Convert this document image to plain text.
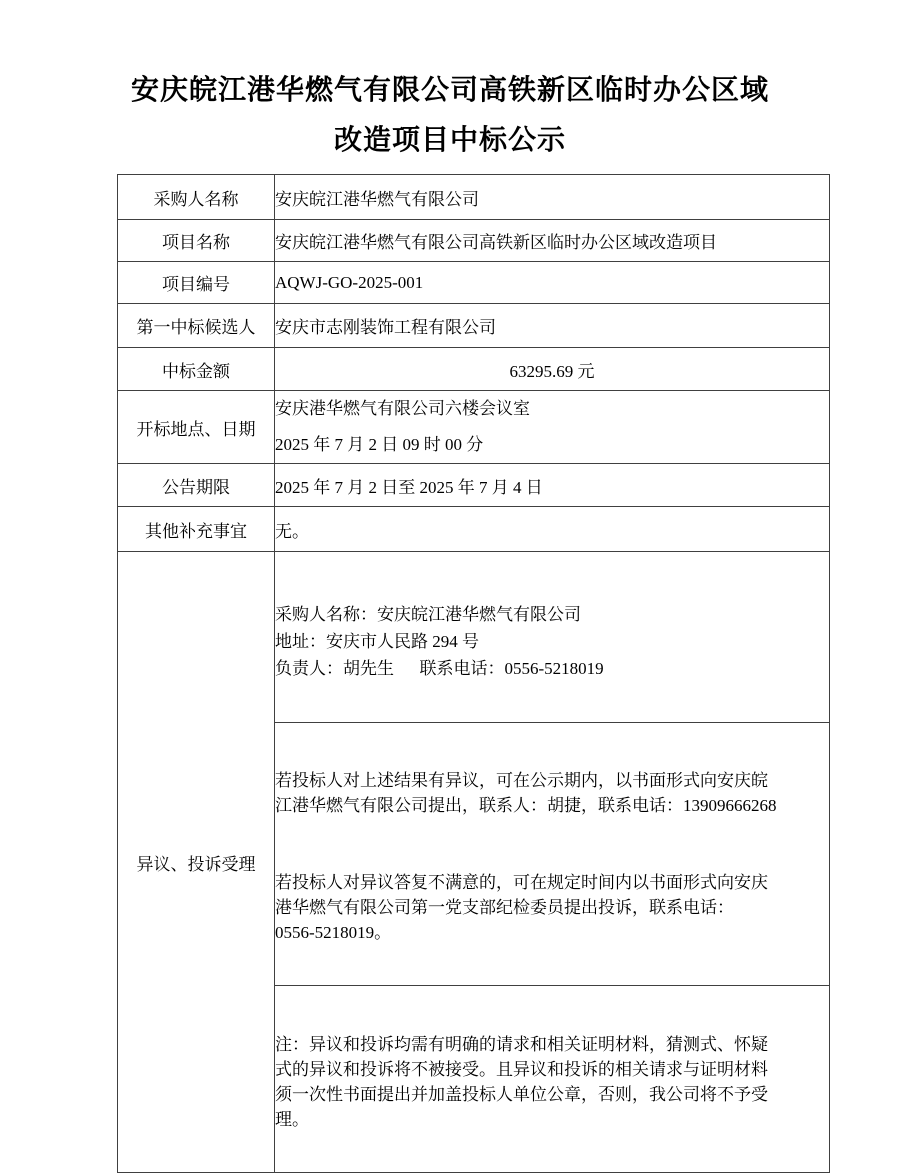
安庆皖江港华燃气有限公司高铁新区临时办公区域
改造项目中标公示
采购人名称	安庆皖江港华燃气有限公司
项目名称	安庆皖江港华燃气有限公司高铁新区临时办公区域改造项目
项目编号	AQWJ-GO-2025-001
第一中标候选人	安庆市志刚装饰工程有限公司
中标金额	63295.69 元
开标地点、日期	安庆港华燃气有限公司六楼会议室
2025 年 7 月 2 日 09 时 00 分
公告期限	2025 年 7 月 2 日至 2025 年 7 月 4 日
其他补充事宜	无。
异议、投诉受理	采购人名称：安庆皖江港华燃气有限公司
地址：安庆市人民路 294 号
负责人：胡先生      联系电话：0556-5218019

	若投标人对上述结果有异议，可在公示期内，以书面形式向安庆皖
江港华燃气有限公司提出，联系人：胡捷，联系电话：13909666268

若投标人对异议答复不满意的，可在规定时间内以书面形式向安庆
港华燃气有限公司第一党支部纪检委员提出投诉，联系电话：
0556-5218019。

	注：异议和投诉均需有明确的请求和相关证明材料，猜测式、怀疑
式的异议和投诉将不被接受。且异议和投诉的相关请求与证明材料
须一次性书面提出并加盖投标人单位公章，否则，我公司将不予受
理。
